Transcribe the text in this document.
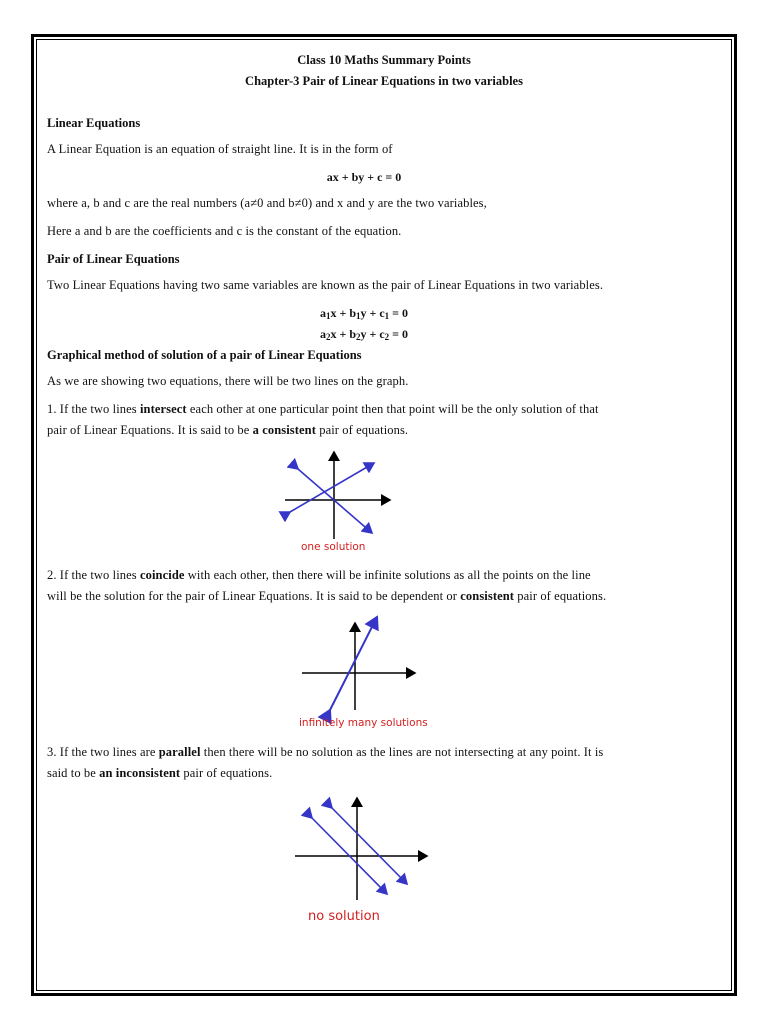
Class 10 Maths Summary Points

Chapter-3 Pair of Linear Equations in two variables

Linear Equations

A Linear Equation is an equation of straight line. It is in the form of

ax + by + c = 0

where a, b and c are the real numbers (a≠0 and b≠0) and x and y are the two variables,

Here a and b are the coefficients and c is the constant of the equation.

Pair of Linear Equations

Two Linear Equations having two same variables are known as the pair of Linear Equations in two variables.

a1x + b1y + c1 = 0

a2x + b2y + c2 = 0

Graphical method of solution of a pair of Linear Equations

As we are showing two equations, there will be two lines on the graph.

1. If the two lines intersect each other at one particular point then that point will be the only solution of that

pair of Linear Equations. It is said to be a consistent pair of equations.

one solution

2. If the two lines coincide with each other, then there will be infinite solutions as all the points on the line

will be the solution for the pair of Linear Equations. It is said to be dependent or consistent pair of equations.

infinitely many solutions

3. If the two lines are parallel then there will be no solution as the lines are not intersecting at any point. It is

said to be an inconsistent pair of equations.

no solution
